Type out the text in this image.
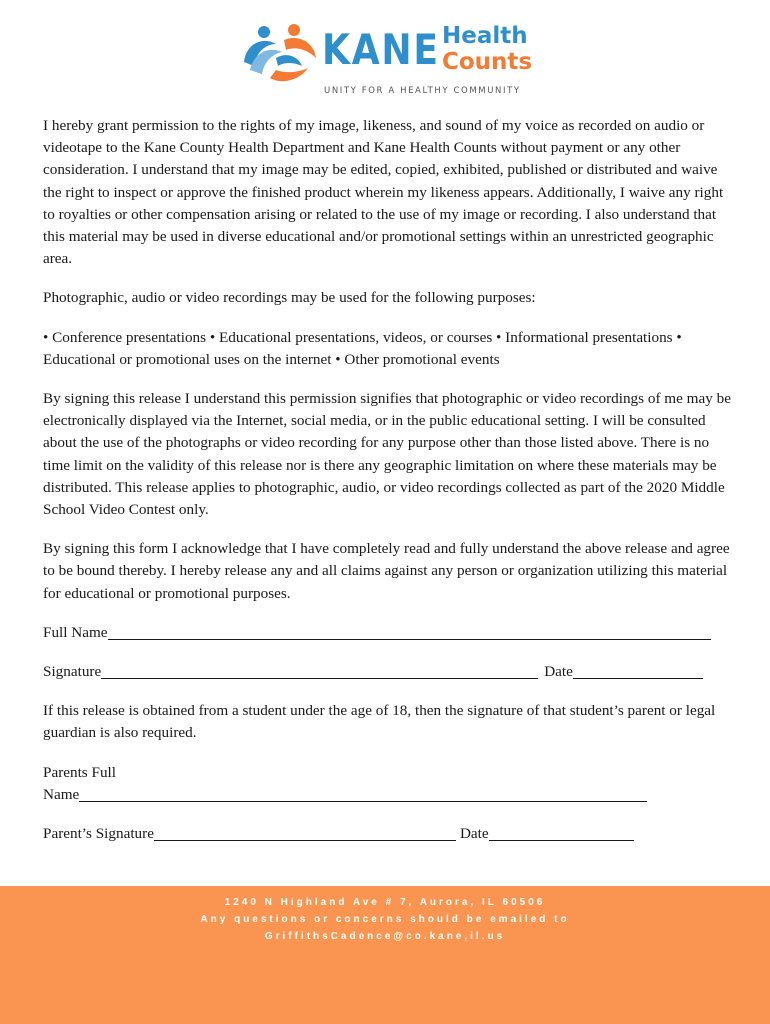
KANE Health
Counts
UNITY FOR A HEALTHY COMMUNITY

I hereby grant permission to the rights of my image, likeness, and sound of my voice as recorded on audio or videotape to the Kane County Health Department and Kane Health Counts without payment or any other consideration. I understand that my image may be edited, copied, exhibited, published or distributed and waive the right to inspect or approve the finished product wherein my likeness appears. Additionally, I waive any right to royalties or other compensation arising or related to the use of my image or recording. I also understand that this material may be used in diverse educational and/or promotional settings within an unrestricted geographic area.

Photographic, audio or video recordings may be used for the following purposes:

• Conference presentations • Educational presentations, videos, or courses • Informational presentations • Educational or promotional uses on the internet • Other promotional events

By signing this release I understand this permission signifies that photographic or video recordings of me may be electronically displayed via the Internet, social media, or in the public educational setting. I will be consulted about the use of the photographs or video recording for any purpose other than those listed above. There is no time limit on the validity of this release nor is there any geographic limitation on where these materials may be distributed. This release applies to photographic, audio, or video recordings collected as part of the 2020 Middle School Video Contest only.

By signing this form I acknowledge that I have completely read and fully understand the above release and agree to be bound thereby. I hereby release any and all claims against any person or organization utilizing this material for educational or promotional purposes.

Full Name
Signature	Date

If this release is obtained from a student under the age of 18, then the signature of that student’s parent or legal guardian is also required.

Parents Full
Name
Parent’s Signature	Date
1240 N Highland Ave # 7, Aurora, IL 60506
Any questions or concerns should be emailed to
GriffithsCadence@co.kane,il.us
